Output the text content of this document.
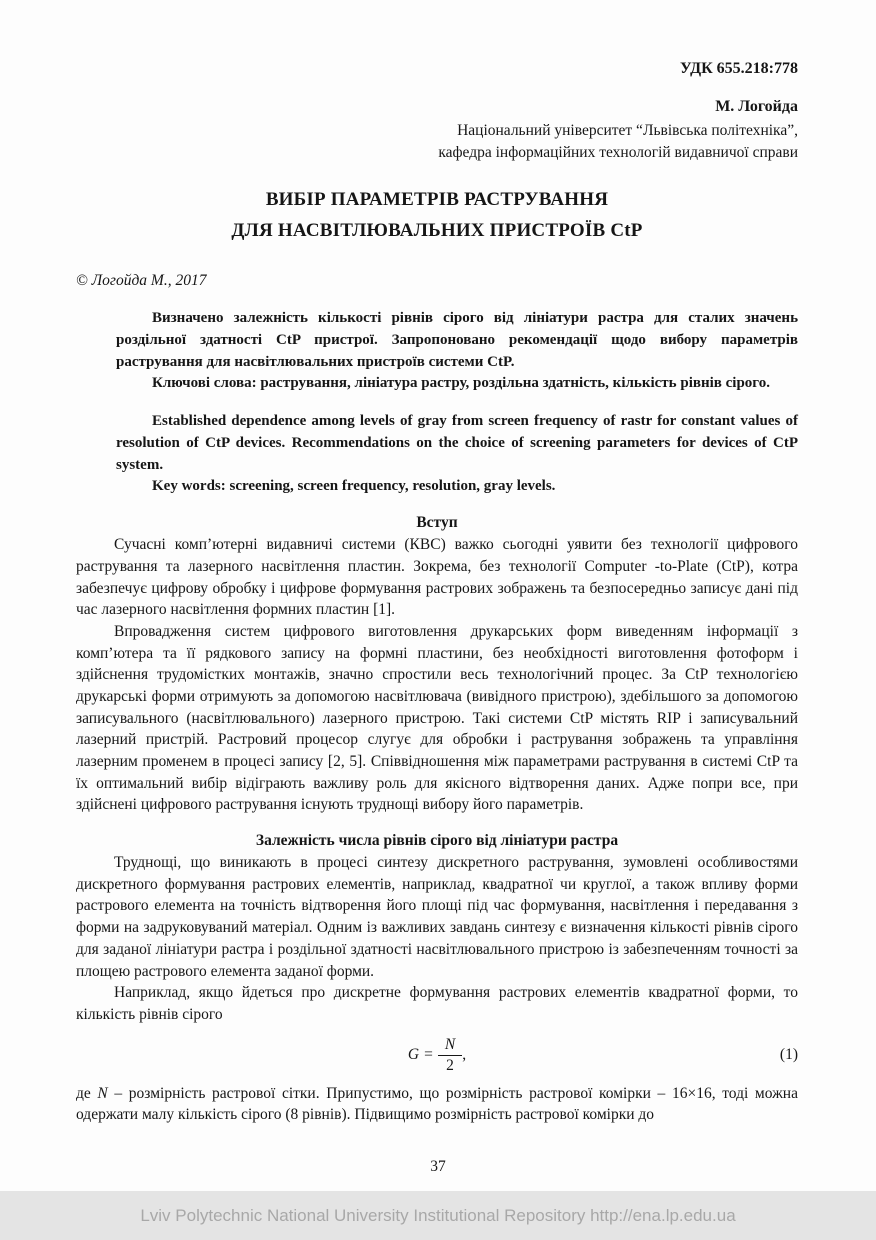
УДК 655.218:778

М. Логойда

Національний університет “Львівська політехніка”,

кафедра інформаційних технологій видавничої справи

ВИБІР ПАРАМЕТРІВ РАСТРУВАННЯ
ДЛЯ НАСВІТЛЮВАЛЬНИХ ПРИСТРОЇВ CtP

© Логойда М., 2017

Визначено залежність кількості рівнів сірого від лініатури растра для сталих значень роздільної здатності CtP пристрої. Запропоновано рекомендації щодо вибору параметрів растрування для насвітлювальних пристроїв системи CtP.

Ключові слова: растрування, лініатура растру, роздільна здатність, кількість рівнів сірого.

Established dependence among levels of gray from screen frequency of rastr for constant values of resolution of CtP devices. Recommendations on the choice of screening parameters for devices of CtP system.

Key words: screening, screen frequency, resolution, gray levels.

Вступ

Сучасні комп’ютерні видавничі системи (КВС) важко сьогодні уявити без технології цифрового растрування та лазерного насвітлення пластин. Зокрема, без технології Computer -to-Plate (CtP), котра забезпечує цифрову обробку і цифрове формування растрових зображень та безпосередньо записує дані під час лазерного насвітлення формних пластин [1].

Впровадження систем цифрового виготовлення друкарських форм виведенням інформації з комп’ютера та її рядкового запису на формні пластини, без необхідності виготовлення фотоформ і здійснення трудомістких монтажів, значно спростили весь технологічний процес. За CtP технологією друкарські форми отримують за допомогою насвітлювача (вивідного пристрою), здебільшого за допомогою записувального (насвітлювального) лазерного пристрою. Такі системи CtP містять RIP і записувальний лазерний пристрій. Растровий процесор слугує для обробки і растрування зображень та управління лазерним променем в процесі запису [2, 5]. Співвідношення між параметрами растрування в системі CtP та їх оптимальний вибір відіграють важливу роль для якісного відтворення даних. Адже попри все, при здійснені цифрового растрування існують труднощі вибору його параметрів.

Залежність числа рівнів сірого від лініатури растра

Труднощі, що виникають в процесі синтезу дискретного растрування, зумовлені особливостями дискретного формування растрових елементів, наприклад, квадратної чи круглої, а також впливу форми растрового елемента на точність відтворення його площі під час формування, насвітлення і передавання з форми на задруковуваний матеріал. Одним із важливих завдань синтезу є визначення кількості рівнів сірого для заданої лініатури растра і роздільної здатності насвітлювального пристрою із забезпеченням точності за площею растрового елемента заданої форми.

Наприклад, якщо йдеться про дискретне формування растрових елементів квадратної форми, то кількість рівнів сірого

$G = \frac{N}{2}$ ,	(1)

де N – розмірність растрової сітки. Припустимо, що розмірність растрової комірки – 16×16, тоді можна одержати малу кількість сірого (8 рівнів). Підвищимо розмірність растрової комірки до

37
Lviv Polytechnic National University Institutional Repository http://ena.lp.edu.ua
